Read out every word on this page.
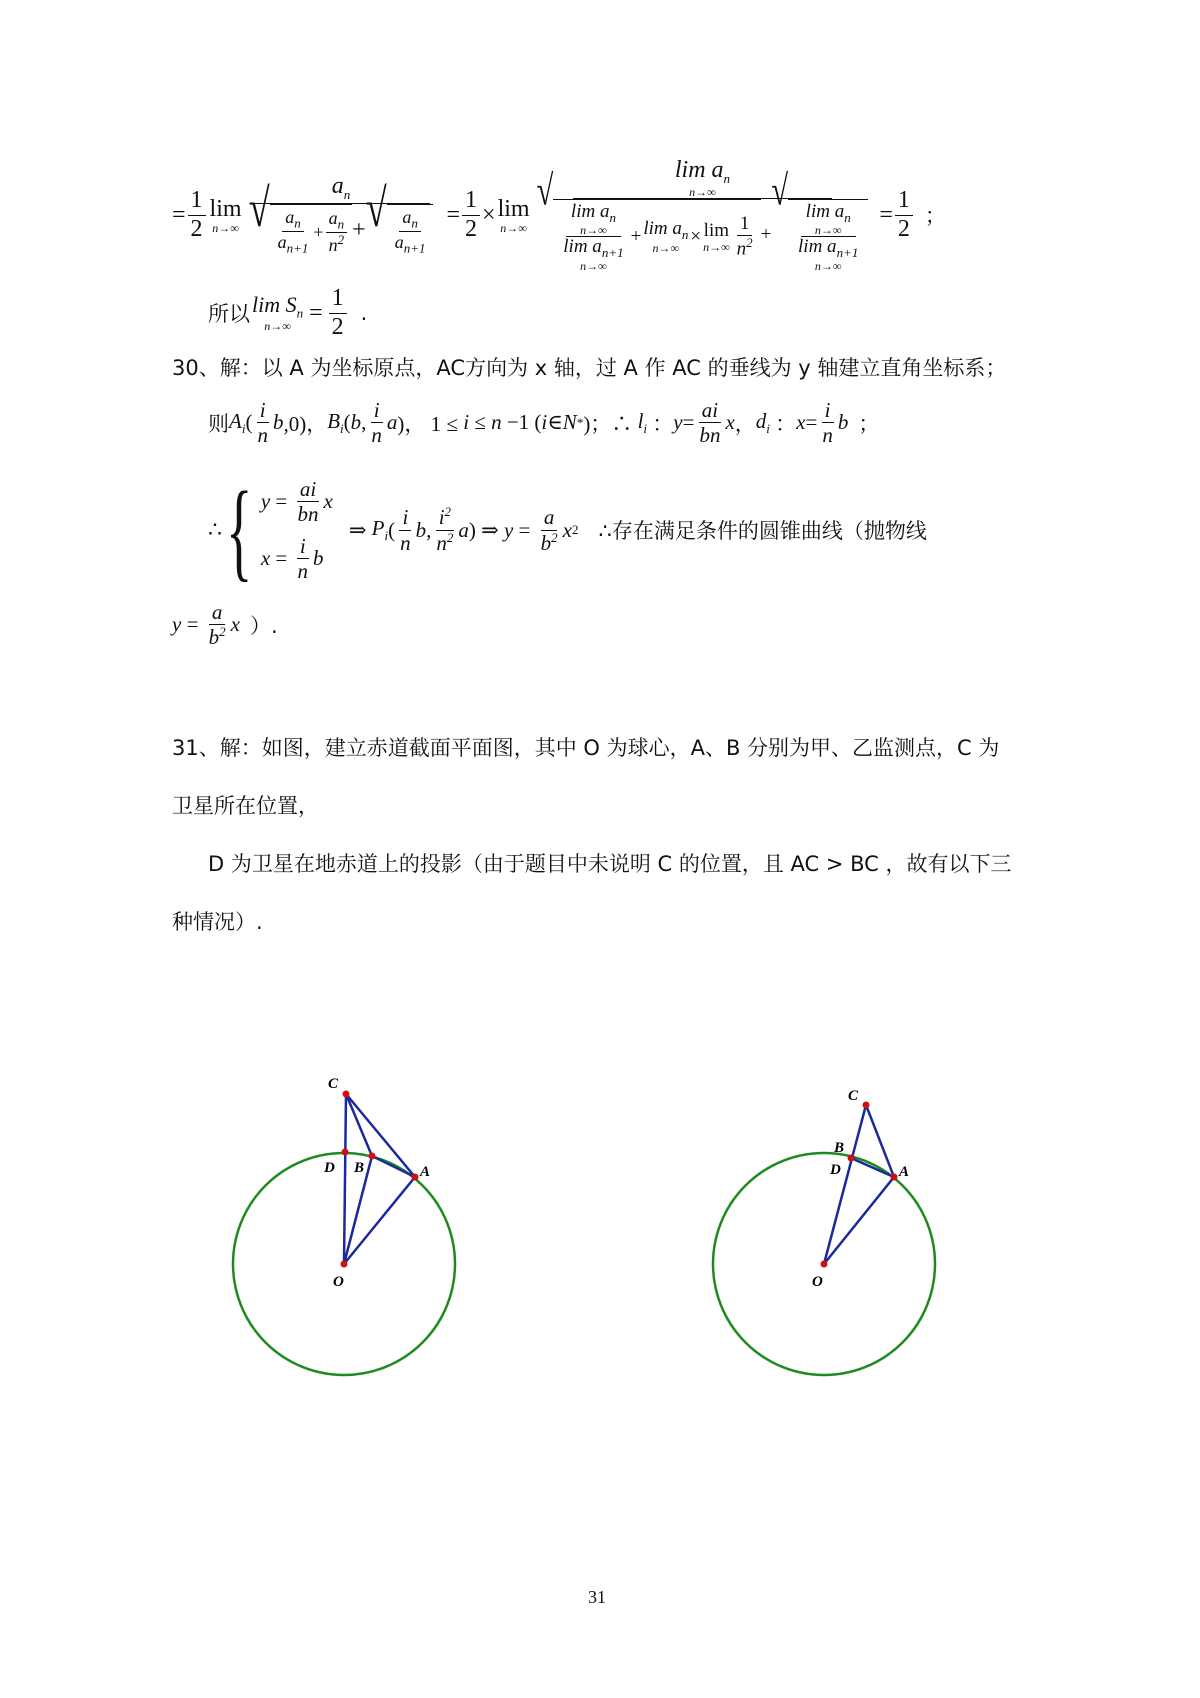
= $\frac{1}{2}$ lim
n→∞
$a_n$
√ $\frac{a_n}{a_{n+1}} + \frac{a_n}{n^2}$ + √ $\frac{a_n}{a_{n+1}} = \frac{1}{2} \times \lim$
n→∞
$\lim a_n$
n→∞
√
$\lim a_n$
n→∞
$\lim a_{n+1}$
$n\to\infty + \lim a_n$
n→∞
× lim
$n\to\infty \frac{1}{n^2}$ +
√
$\lim a_n$
n→∞
$\lim a_{n+1}$
$n\to\infty = \frac{1}{2}$ ；
所以 $\lim S_n$
n→∞
= $\frac{1}{2}$ .
30、解：以 A 为坐标原点，AC方向为 x 轴，过 A 作 AC 的垂线为 y 轴建立直角坐标系；
则 $A_i$ ( $\frac{i}{n}$ b ,0)， $B_i$ ( b , $\frac{i}{n}$ a )， 1 ≤ i ≤ n −1 ( i ∈ N * )；∴ $l_i$ ： $y = \frac{ai}{bn}$ x ， $d_i$ ： $x = \frac{i}{n}$ b ；
∴ { $y = \frac{ai}{bn}$ x
$x = \frac{i}{n}$ b
⇒ $P_i$ ( $\frac{i}{n}$ b , $\frac{i^2}{n^2}$ a ) ⇒ $y = \frac{a}{b^2}$ x 2 ∴存在满足条件的圆锥曲线（抛物线
$y = \frac{a}{b^2}$ x ）.
31、解：如图，建立赤道截面平面图，其中 O 为球心，A、B 分别为甲、乙监测点，C 为
卫星所在位置，
D 为卫星在地赤道上的投影（由于题目中未说明 C 的位置，且 AC > BC ，故有以下三
种情况）.
C
D B	A
O
C
B
D	A
O
31
